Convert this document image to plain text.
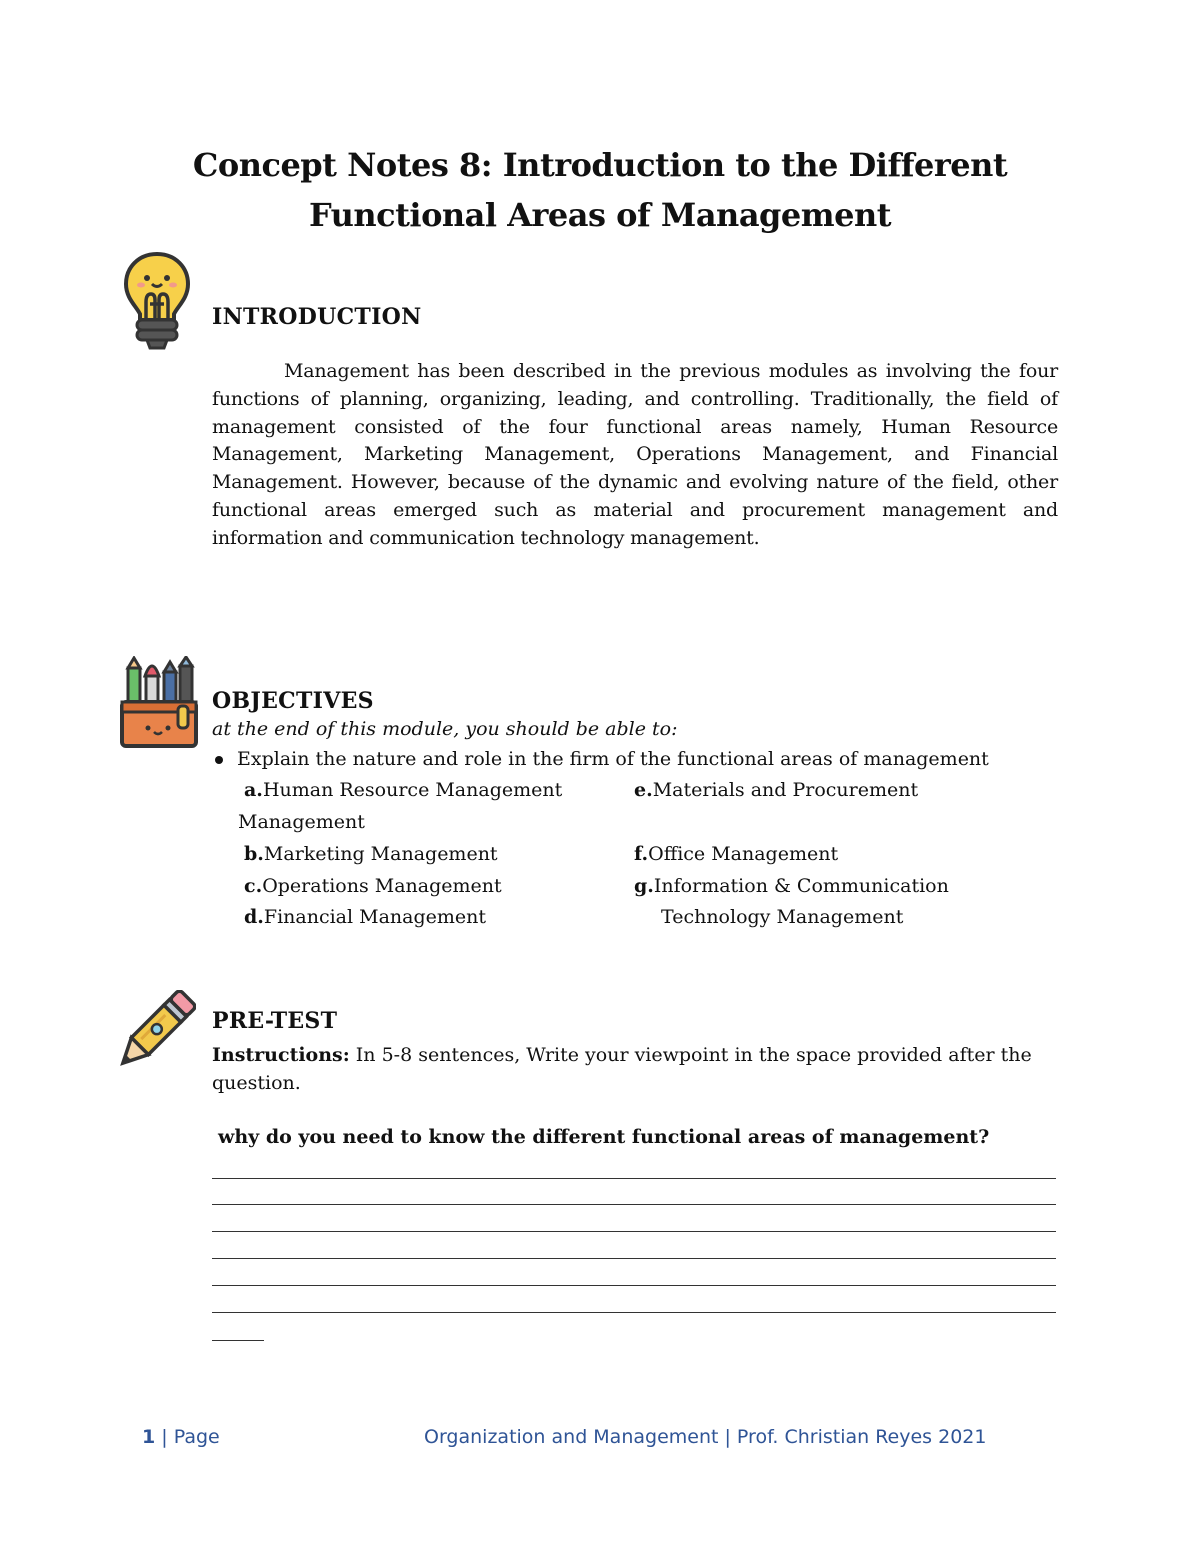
Concept Notes 8: Introduction to the Different
Functional Areas of Management
INTRODUCTION
Management has been described in the previous modules as involving the four functions of planning, organizing, leading, and controlling. Traditionally, the field of management consisted of the four functional areas namely, Human Resource Management, Marketing Management, Operations Management, and Financial Management. However, because of the dynamic and evolving nature of the field, other functional areas emerged such as material and procurement management and information and communication technology management.
OBJECTIVES
at the end of this module, you should be able to:
Explain the nature and role in the firm of the functional areas of management
a.Human Resource Management
Management
b.Marketing Management
c.Operations Management
d.Financial Management
e.Materials and Procurement
f.Office Management
g.Information & Communication
Technology Management
PRE-TEST
Instructions: In 5-8 sentences, Write your viewpoint in the space provided after the question.
why do you need to know the different functional areas of management?
1 | Page	Organization and Management | Prof. Christian Reyes 2021
